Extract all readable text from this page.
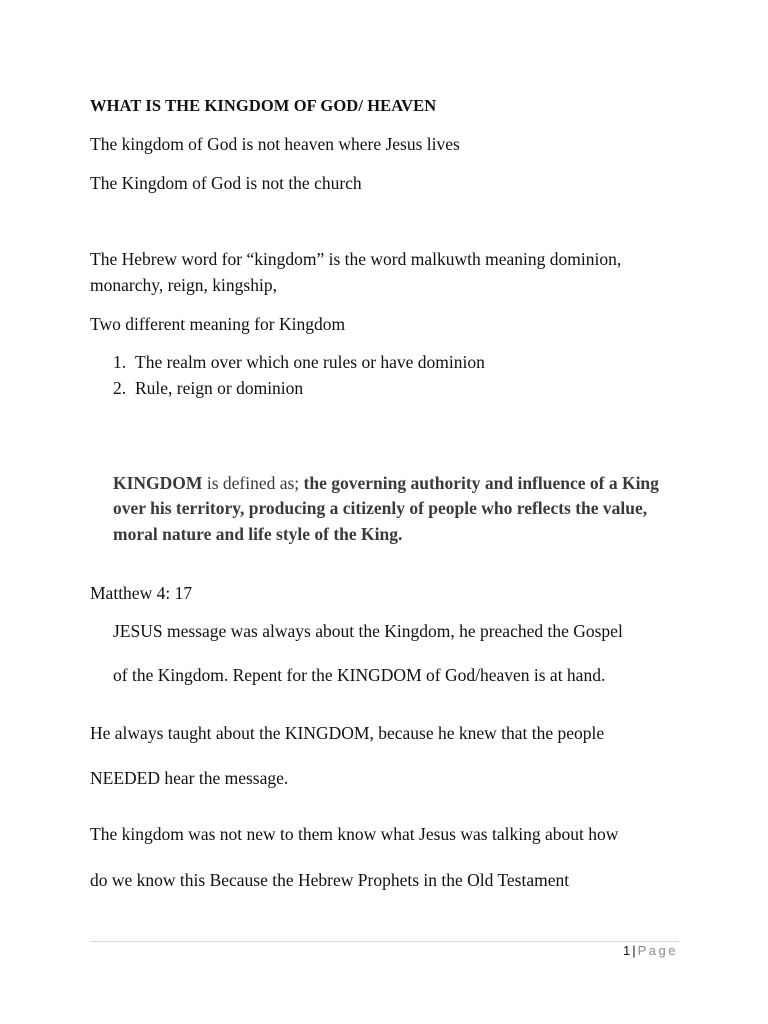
WHAT IS THE KINGDOM OF GOD/ HEAVEN

The kingdom of God is not heaven where Jesus lives

The Kingdom of God is not the church

The Hebrew word for “kingdom” is the word malkuwth meaning dominion,

monarchy, reign, kingship,

Two different meaning for Kingdom

1. The realm over which one rules or have dominion
2. Rule, reign or dominion

KINGDOM is defined as; the governing authority and influence of a King over his territory, producing a citizenly of people who reflects the value, moral nature and life style of the King.

Matthew 4: 17

JESUS message was always about the Kingdom, he preached the Gospel

of the Kingdom. Repent for the KINGDOM of God/heaven is at hand.

He always taught about the KINGDOM, because he knew that the people

NEEDED hear the message.

The kingdom was not new to them know what Jesus was talking about how

do we know this Because the Hebrew Prophets in the Old Testament

1 | Page
